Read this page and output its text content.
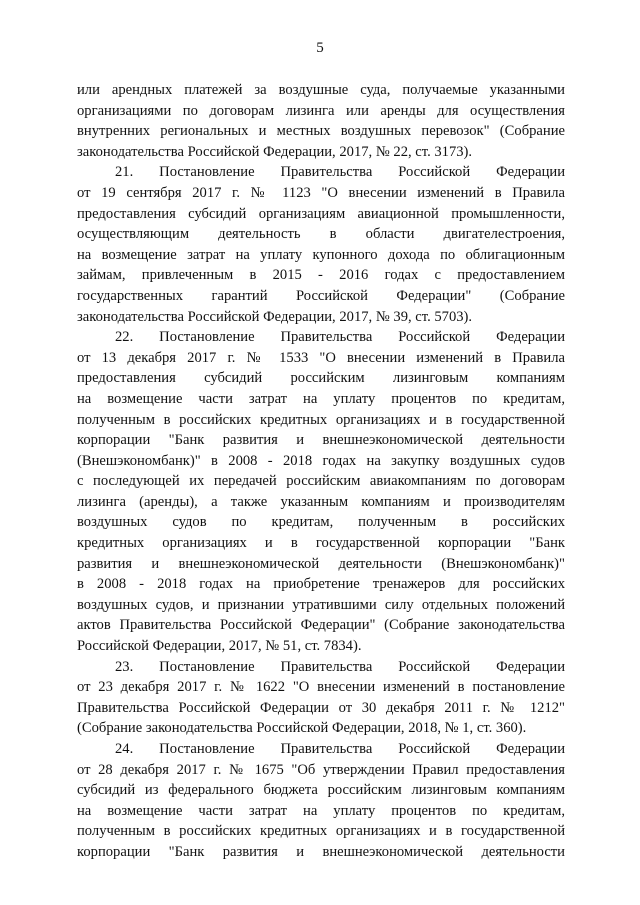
5
или арендных платежей за воздушные суда, получаемые указанными
организациями по договорам лизинга или аренды для осуществления
внутренних региональных и местных воздушных перевозок" (Собрание
законодательства Российской Федерации, 2017, № 22, ст. 3173).
21. Постановление Правительства Российской Федерации
от 19 сентября 2017 г. № 1123 "О внесении изменений в Правила
предоставления субсидий организациям авиационной промышленности,
осуществляющим деятельность в области двигателестроения,
на возмещение затрат на уплату купонного дохода по облигационным
займам, привлеченным в 2015 - 2016 годах с предоставлением
государственных гарантий Российской Федерации" (Собрание
законодательства Российской Федерации, 2017, № 39, ст. 5703).
22. Постановление Правительства Российской Федерации
от 13 декабря 2017 г. № 1533 "О внесении изменений в Правила
предоставления субсидий российским лизинговым компаниям
на возмещение части затрат на уплату процентов по кредитам,
полученным в российских кредитных организациях и в государственной
корпорации "Банк развития и внешнеэкономической деятельности
(Внешэкономбанк)" в 2008 - 2018 годах на закупку воздушных судов
с последующей их передачей российским авиакомпаниям по договорам
лизинга (аренды), а также указанным компаниям и производителям
воздушных судов по кредитам, полученным в российских
кредитных организациях и в государственной корпорации "Банк
развития и внешнеэкономической деятельности (Внешэкономбанк)"
в 2008 - 2018 годах на приобретение тренажеров для российских
воздушных судов, и признании утратившими силу отдельных положений
актов Правительства Российской Федерации" (Собрание законодательства
Российской Федерации, 2017, № 51, ст. 7834).
23. Постановление Правительства Российской Федерации
от 23 декабря 2017 г. № 1622 "О внесении изменений в постановление
Правительства Российской Федерации от 30 декабря 2011 г. № 1212"
(Собрание законодательства Российской Федерации, 2018, № 1, ст. 360).
24. Постановление Правительства Российской Федерации
от 28 декабря 2017 г. № 1675 "Об утверждении Правил предоставления
субсидий из федерального бюджета российским лизинговым компаниям
на возмещение части затрат на уплату процентов по кредитам,
полученным в российских кредитных организациях и в государственной
корпорации "Банк развития и внешнеэкономической деятельности
